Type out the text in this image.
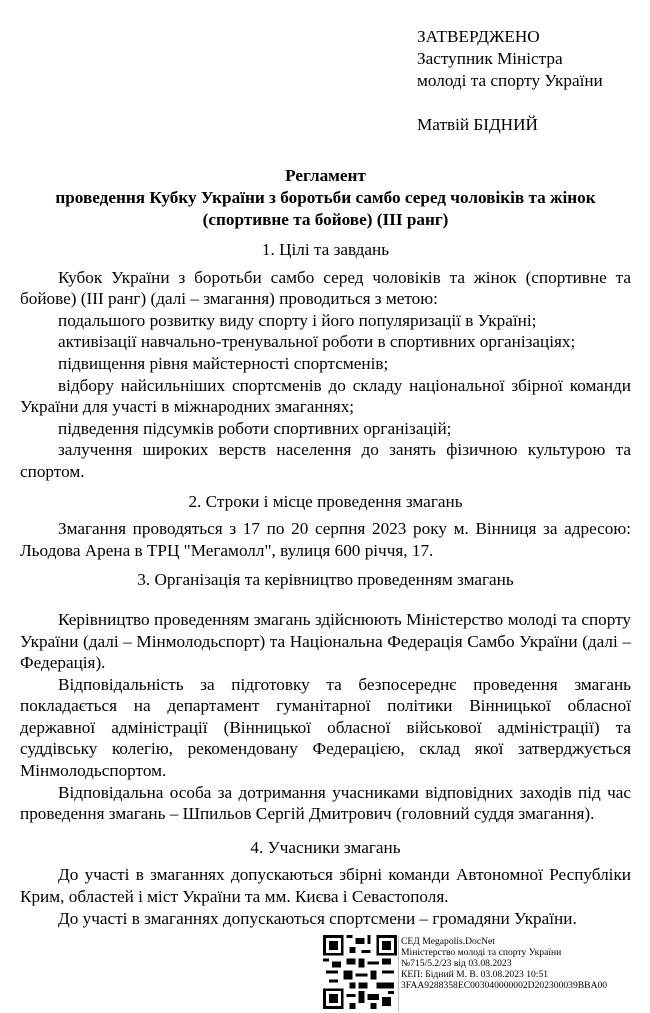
ЗАТВЕРДЖЕНО
Заступник Міністра
молоді та спорту України
Матвій БІДНИЙ
Регламент
проведення Кубку України з боротьби самбо серед чоловіків та жінок
(спортивне та бойове) (III ранг)
1. Цілі та завдань

Кубок України з боротьби самбо серед чоловіків та жінок (спортивне та бойове) (III ранг) (далі – змагання) проводиться з метою:

подальшого розвитку виду спорту і його популяризації в Україні;

активізації навчально-тренувальної роботи в спортивних організаціях;

підвищення рівня майстерності спортсменів;

відбору найсильніших спортсменів до складу національної збірної команди України для участі в міжнародних змаганнях;

підведення підсумків роботи спортивних організацій;

залучення широких верств населення до занять фізичною культурою та спортом.

2. Строки і місце проведення змагань

Змагання проводяться з 17 по 20 серпня 2023 року м. Вінниця за адресою: Льодова Арена в ТРЦ "Мегамолл", вулиця 600 річчя, 17.

3. Організація та керівництво проведенням змагань

Керівництво проведенням змагань здійснюють Міністерство молоді та спорту України (далі – Мінмолодьспорт) та Національна Федерація Самбо України (далі – Федерація).

Відповідальність за підготовку та безпосереднє проведення змагань покладається на департамент гуманітарної політики Вінницької обласної державної адміністрації (Вінницької обласної військової адміністрації) та суддівську колегію, рекомендовану Федерацією, склад якої затверджується Мінмолодьспортом.

Відповідальна особа за дотримання учасниками відповідних заходів під час проведення змагань – Шпильов Сергій Дмитрович (головний суддя змагання).

4. Учасники змагань

До участі в змаганнях допускаються збірні команди Автономної Республіки Крим, областей і міст України та мм. Києва і Севастополя.

До участі в змаганнях допускаються спортсмени – громадяни України.

СЕД Megapolis.DocNet
Міністерство молоді та спорту України
№715/5.2/23 від 03.08.2023
КЕП: Бідний М. В. 03.08.2023 10:51
3FAA9288358EC003040000002D202300039BBA00
